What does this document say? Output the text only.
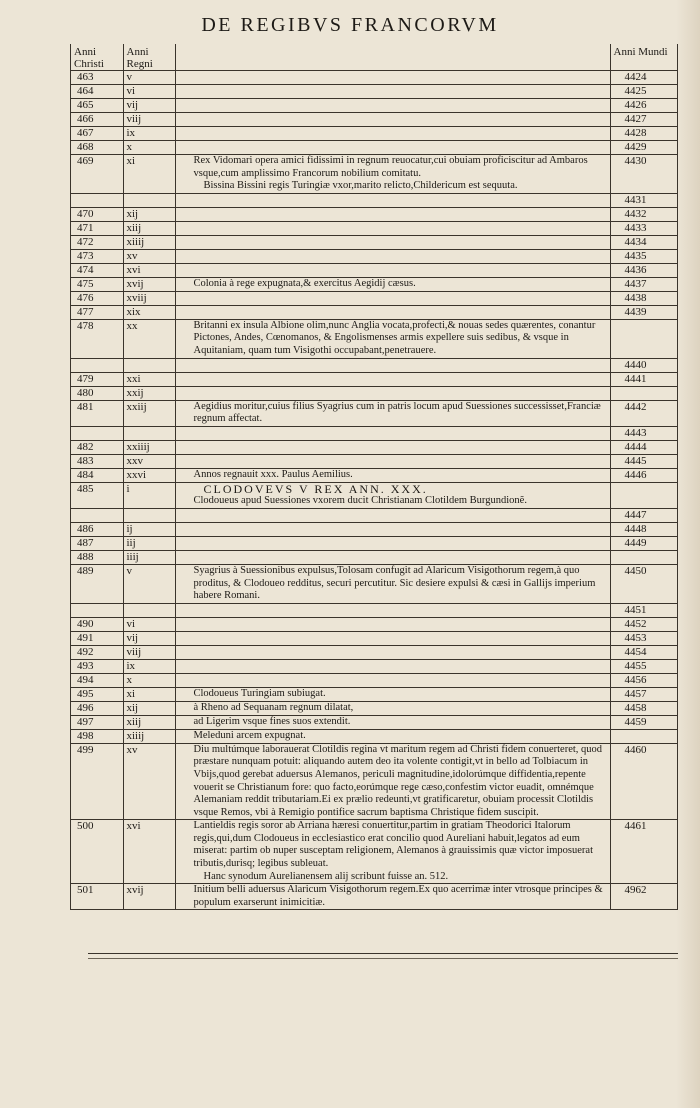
DE REGIBVS FRANCORVM
Anni Christi	Anni Regni		Anni Mundi
463	v		4424
464	vi		4425
465	vij		4426
466	viij		4427
467	ix		4428
468	x		4429
469	xi	Rex Vidomari opera amici fidissimi in regnum reuocatur,cui obuiam proficiscitur ad Ambaros vsque,cum amplissimo Francorum nobilium comitatu.
Bissina Bissini regis Turingiæ vxor,marito relicto,Childericum est sequuta.	4430
			4431
470	xij		4432
471	xiij		4433
472	xiiij		4434
473	xv		4435
474	xvi		4436
475	xvij	Colonia à rege expugnata,& exercitus Aegidij cæsus.	4437
476	xviij		4438
477	xix		4439
478	xx	Britanni ex insula Albione olim,nunc Anglia vocata,profecti,& nouas sedes quærentes, conantur Pictones, Andes, Cœnomanos, & Engolismenses armis expellere suis sedibus, & vsque in Aquitaniam, quam tum Visigothi occupabant,penetrauere.	
			4440
479	xxi		4441
480	xxij		
481	xxiij	Aegidius moritur,cuius filius Syagrius cum in patris locum apud Suessiones successisset,Franciæ regnum affectat.	4442
			4443
482	xxiiij		4444
483	xxv		4445
484	xxvi	Annos regnauit xxx. Paulus Aemilius.	4446
485	i	CLODOVEVS V REX ANN. XXX.
Clodoueus apud Suessiones vxorem ducit Christianam Clotildem Burgundionẽ.	
			4447
486	ij		4448
487	iij		4449
488	iiij		
489	v	Syagrius à Suessionibus expulsus,Tolosam confugit ad Alaricum Visigothorum regem,à quo proditus, & Clodoueo redditus, securi percutitur. Sic desiere expulsi & cæsi in Gallijs imperium habere Romani.	4450
			4451
490	vi		4452
491	vij		4453
492	viij		4454
493	ix		4455
494	x		4456
495	xi	Clodoueus Turingiam subiugat.	4457
496	xij	à Rheno ad Sequanam regnum dilatat,	4458
497	xiij	ad Ligerim vsque fines suos extendit.	4459
498	xiiij	Meleduni arcem expugnat.	
499	xv	Diu multúmque laborauerat Clotildis regina vt maritum regem ad Christi fidem conuerteret, quod præstare nunquam potuit: aliquando autem deo ita volente contigit,vt in bello ad Tolbiacum in Vbijs,quod gerebat aduersus Alemanos, periculi magnitudine,idolorúmque diffidentia,repente vouerit se Christianum fore: quo facto,eorúmque rege cæso,confestim victor euadit, omnémque Alemaniam reddit tributariam.Ei ex prælio redeunti,vt gratificaretur, obuiam processit Clotildis vsque Remos, vbi à Remigio pontifice sacrum baptisma Christique fidem suscipit.	4460
500	xvi	Lantieldis regis soror ab Arriana hæresi conuertitur,partim in gratiam Theodorici Italorum regis,qui,dum Clodoueus in ecclesiastico erat concilio quod Aureliani habuit,legatos ad eum miserat: partim ob nuper susceptam religionem, Alemanos à grauissimis quæ victor imposuerat tributis,durisq; legibus subleuat.
Hanc synodum Aurelianensem alij scribunt fuisse an. 512.	4461
501	xvij	Initium belli aduersus Alaricum Visigothorum regem.Ex quo acerrimæ inter vtrosque principes & populum exarserunt inimicitiæ.	4962
